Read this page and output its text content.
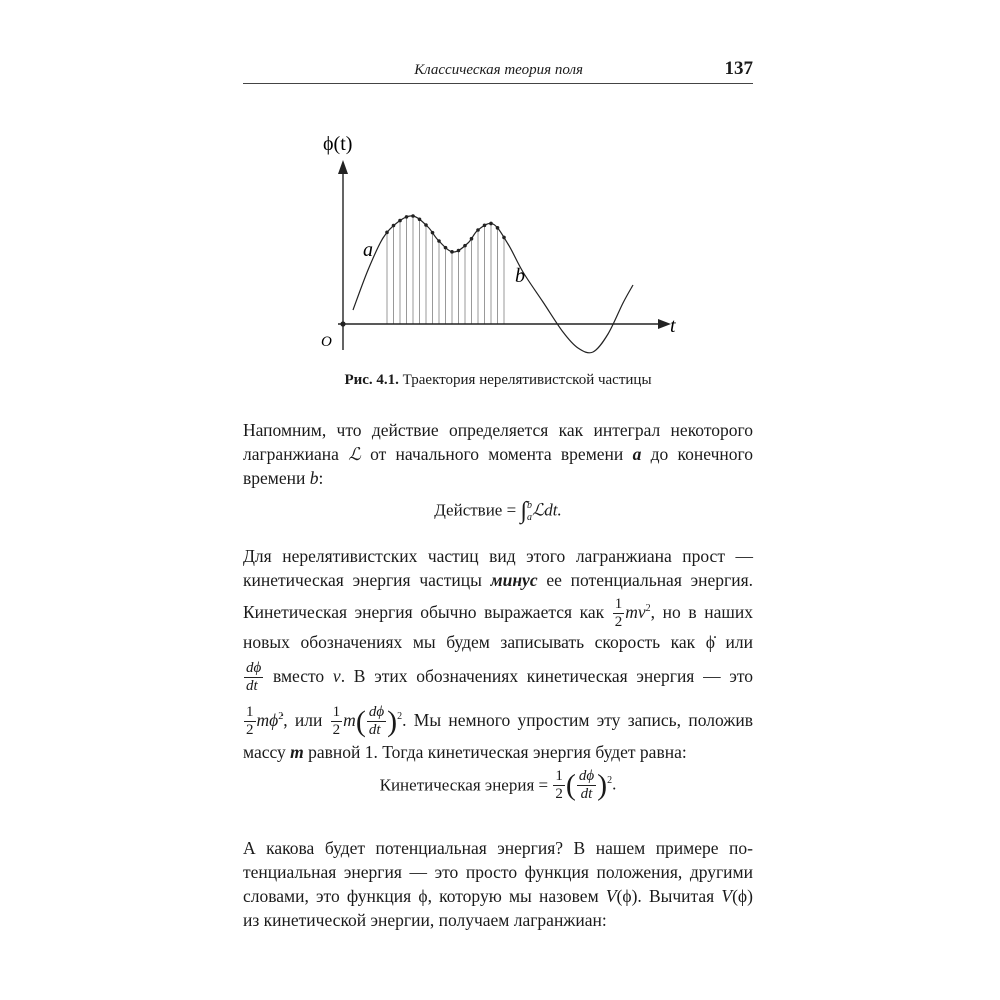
Классическая теория поля	137
ϕ(t)
t
O
a
b
Рис. 4.1. Траектория нерелятивистской частицы
Напомним, что действие определяется как интеграл некоторого
лагранжиана ℒ от начального момента времени a до конечного
времени b:
Действие = ∫ b
a ℒdt.
Для нерелятивистских частиц вид этого лагранжиана прост —
кинетическая энергия частицы минус ее потенциальная энергия.
Кинетическая энергия обычно выражается как $\frac{1}{2} mv^2$, но в наших
новых обозначениях мы будем записывать скорость как ϕ̇ или
$\frac{d\phi}{dt}$ вместо v. В этих обозначениях кинетическая энергия — это
$\frac{1}{2}$ mϕ̇$^2$, или $\frac{1}{2} m( \frac{d\phi}{dt} )^2$. Мы немного упростим эту запись, положив
массу m равной 1. Тогда кинетическая энергия будет равна:
Кинетическая энерия = $\frac{1}{2}$ ( $\frac{d\phi}{dt} )^2$.
А какова будет потенциальная энергия? В нашем примере по-
тенциальная энергия — это просто функция положения, другими
словами, это функция ϕ, которую мы назовем V(ϕ). Вычитая V(ϕ)
из кинетической энергии, получаем лагранжиан:
